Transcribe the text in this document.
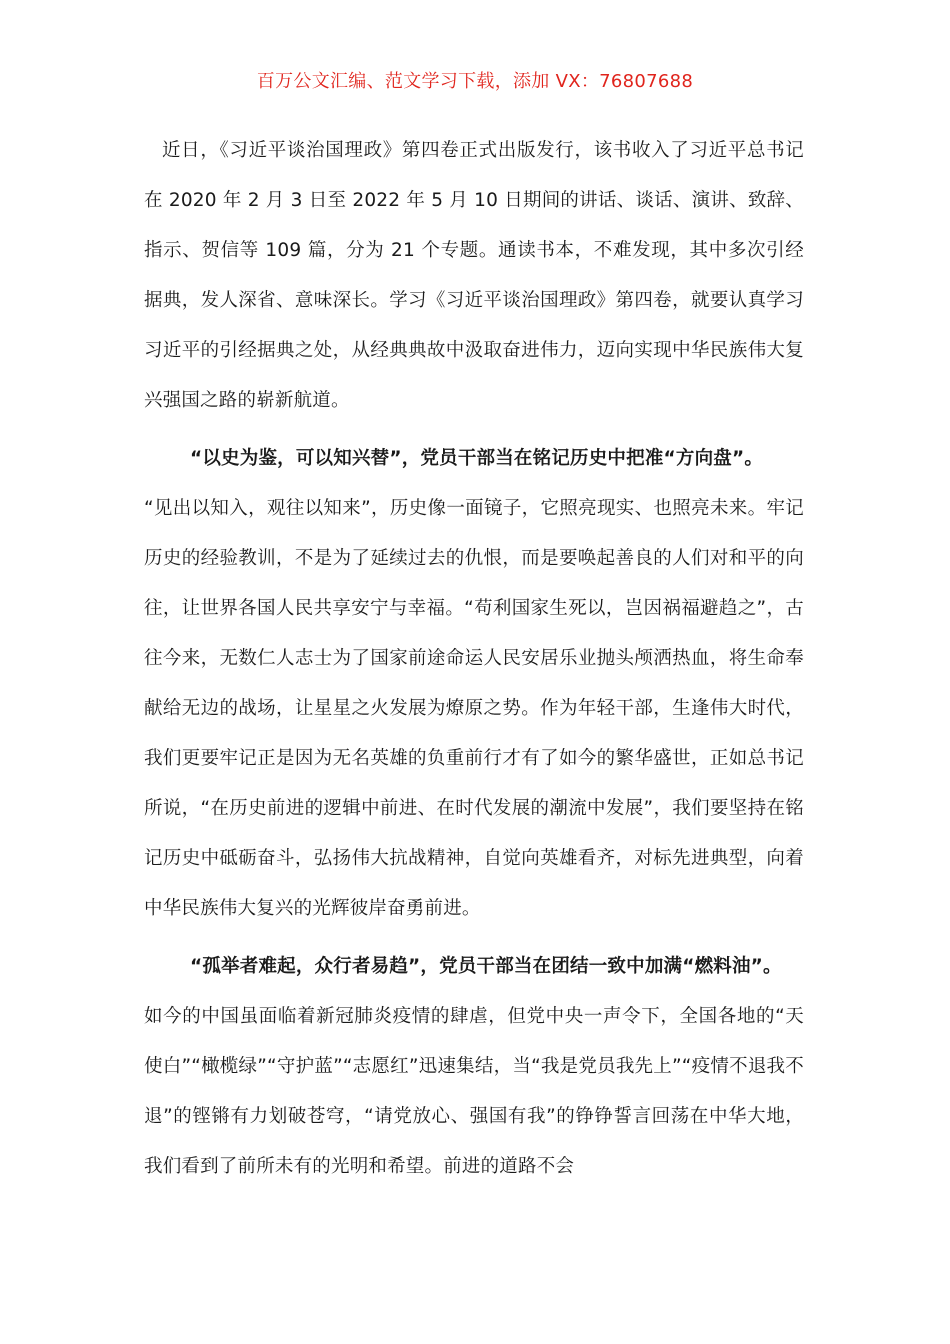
百万公文汇编、范文学习下载，添加 VX：76807688

近日，《习近平谈治国理政》第四卷正式出版发行，该书收入了习近平总书记在 2020 年 2 月 3 日至 2022 年 5 月 10 日期间的讲话、谈话、演讲、致辞、指示、贺信等 109 篇，分为 21 个专题。通读书本，不难发现，其中多次引经据典，发人深省、意味深长。学习《习近平谈治国理政》第四卷，就要认真学习习近平的引经据典之处，从经典典故中汲取奋进伟力，迈向实现中华民族伟大复兴强国之路的崭新航道。

“以史为鉴，可以知兴替”，党员干部当在铭记历史中把准“方向盘”。

“见出以知入，观往以知来”，历史像一面镜子，它照亮现实、也照亮未来。牢记历史的经验教训，不是为了延续过去的仇恨，而是要唤起善良的人们对和平的向往，让世界各国人民共享安宁与幸福。“苟利国家生死以，岂因祸福避趋之”，古往今来，无数仁人志士为了国家前途命运人民安居乐业抛头颅洒热血，将生命奉献给无边的战场，让星星之火发展为燎原之势。作为年轻干部，生逢伟大时代，我们更要牢记正是因为无名英雄的负重前行才有了如今的繁华盛世，正如总书记所说，“在历史前进的逻辑中前进、在时代发展的潮流中发展”，我们要坚持在铭记历史中砥砺奋斗，弘扬伟大抗战精神，自觉向英雄看齐，对标先进典型，向着中华民族伟大复兴的光辉彼岸奋勇前进。

“孤举者难起，众行者易趋”，党员干部当在团结一致中加满“燃料油”。

如今的中国虽面临着新冠肺炎疫情的肆虐，但党中央一声令下，全国各地的“天使白”“橄榄绿”“守护蓝”“志愿红”迅速集结，当“我是党员我先上”“疫情不退我不退”的铿锵有力划破苍穹，“请党放心、强国有我”的铮铮誓言回荡在中华大地，我们看到了前所未有的光明和希望。前进的道路不会
